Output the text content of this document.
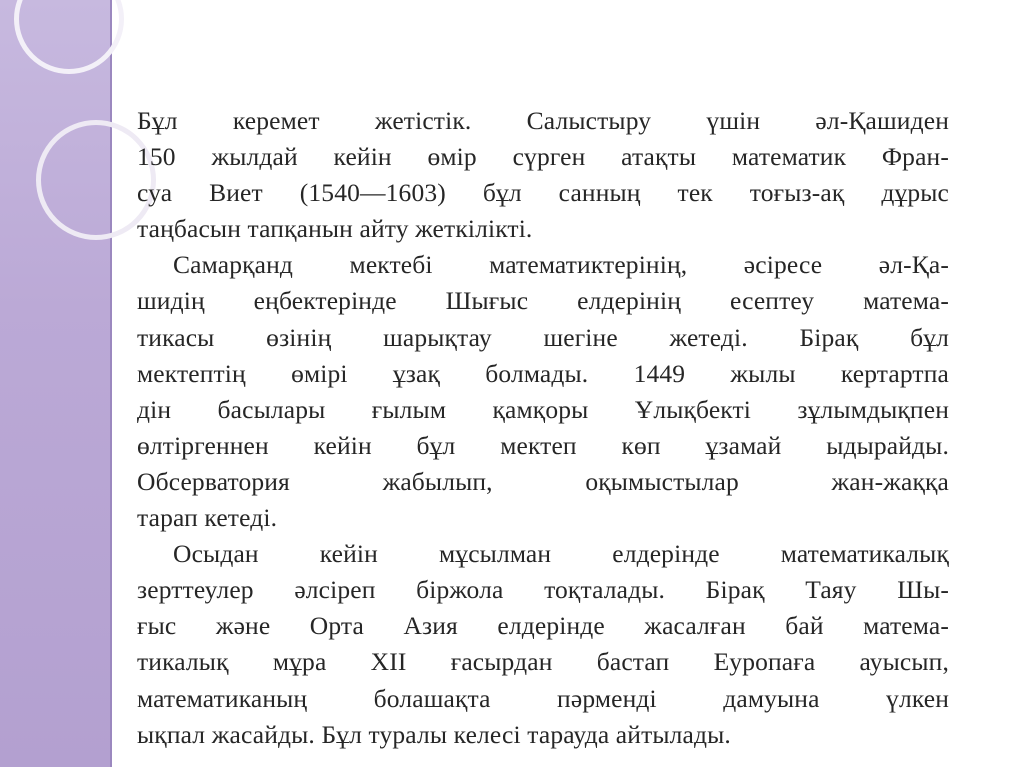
Бұл керемет жетістік. Салыстыру үшін әл-Қашиден
150 жылдай кейін өмір сүрген атақты математик Фран-
суа Виет (1540—1603) бұл санның тек тоғыз-ақ дұрыс
таңбасын тапқанын айту жеткілікті.
Самарқанд мектебі математиктерінің, әсіресе әл-Қа-
шидің еңбектерінде Шығыс елдерінің есептеу матема-
тикасы өзінің шарықтау шегіне жетеді. Бірақ бұл
мектептің өмірі ұзақ болмады. 1449 жылы кертартпа
дін басылары ғылым қамқоры Ұлықбекті зұлымдықпен
өлтіргеннен кейін бұл мектеп көп ұзамай ыдырайды.
Обсерватория жабылып, оқымыстылар жан-жаққа
тарап кетеді.
Осыдан кейін мұсылман елдерінде математикалық
зерттеулер әлсіреп біржола тоқталады. Бірақ Таяу Шы-
ғыс және Орта Азия елдерінде жасалған бай матема-
тикалық мұра XII ғасырдан бастап Еуропаға ауысып,
математиканың болашақта пәрменді дамуына үлкен
ықпал жасайды. Бұл туралы келесі тарауда айтылады.
